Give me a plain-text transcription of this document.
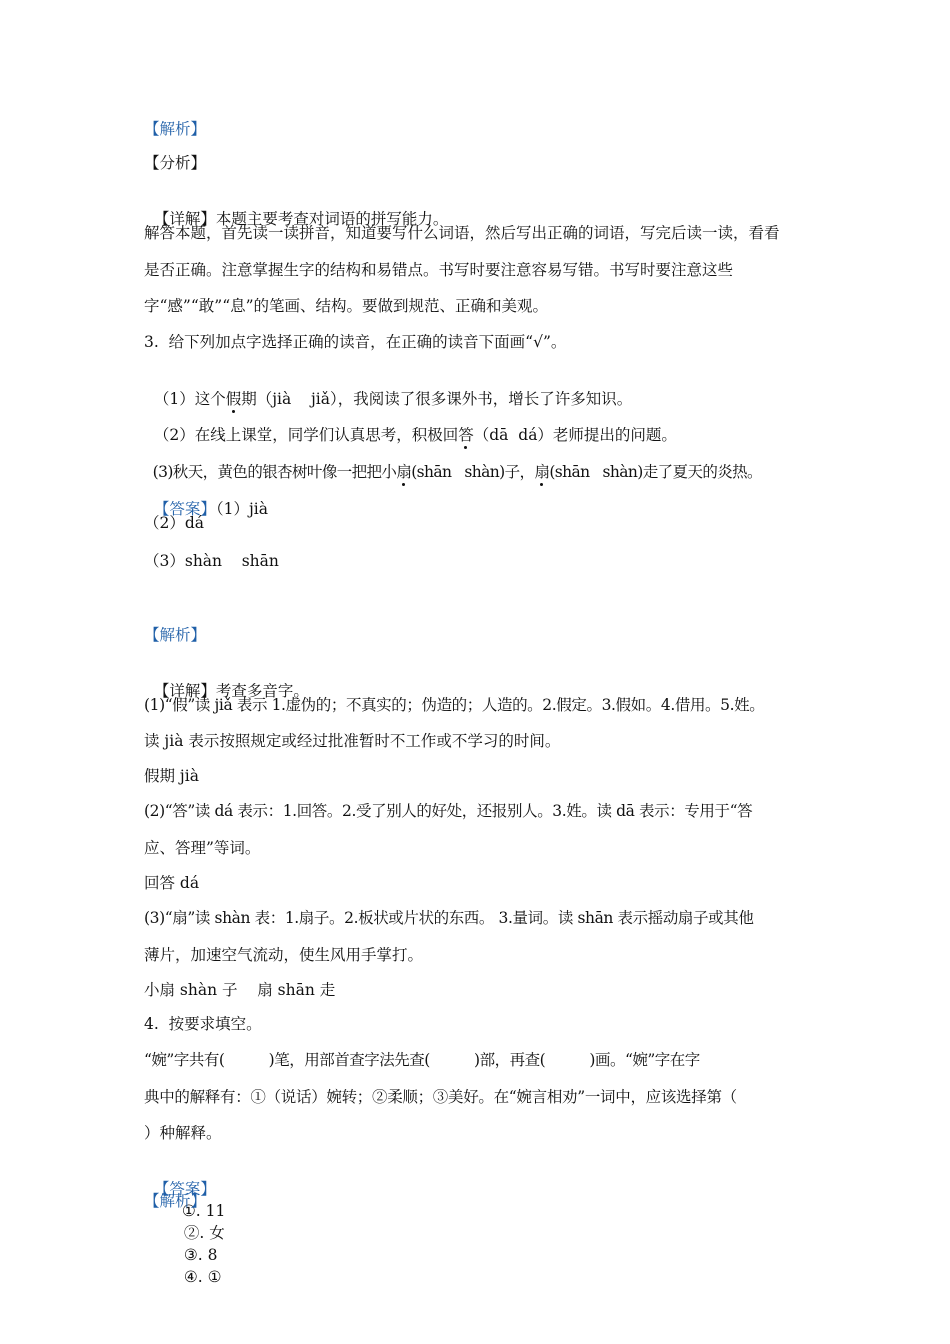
【解析】
【分析】

【详解】本题主要考查对词语的拼写能力。

解答本题，首先读一读拼音，知道要写什么词语，然后写出正确的词语，写完后读一读，看看
是否正确。注意掌握生字的结构和易错点。书写时要注意容易写错。书写时要注意这些
字“感”“敢”“息”的笔画、结构。要做到规范、正确和美观。
3.  给下列加点字选择正确的读音，在正确的读音下面画“√”。

（1）这个假期（jià    jiǎ），我阅读了很多课外书，增长了许多知识。

（2）在线上课堂，同学们认真思考，积极回答（dā  dá）老师提出的问题。

(3)秋天，黄色的银杏树叶像一把把小扇(shān   shàn)子，扇(shān   shàn)走了夏天的炎热。

【答案】（1）jià

（2）dá
（3）shàn    shān
【解析】

【详解】考查多音字。

(1)“假”读 jiǎ 表示 1.虚伪的；不真实的；伪造的；人造的。2.假定。3.假如。4.借用。5.姓。
读 jià 表示按照规定或经过批准暂时不工作或不学习的时间。
假期 jià
(2)“答”读 dá 表示：1.回答。2.受了别人的好处，还报别人。3.姓。读 dā 表示：专用于“答
应、答理”等词。
回答 dá
(3)“扇”读 shàn 表：1.扇子。2.板状或片状的东西。 3.量词。读 shān 表示摇动扇子或其他
薄片，加速空气流动，使生风用手掌打。
小扇 shàn 子    扇 shān 走
4.  按要求填空。
“婉”字共有(          )笔，用部首查字法先查(          )部，再查(          )画。“婉”字在字
典中的解释有：①（说话）婉转；②柔顺；③美好。在“婉言相劝”一词中，应该选择第（
）种解释。

【答案】
①. 11
②. 女
③. 8
④. ①

【解析】
